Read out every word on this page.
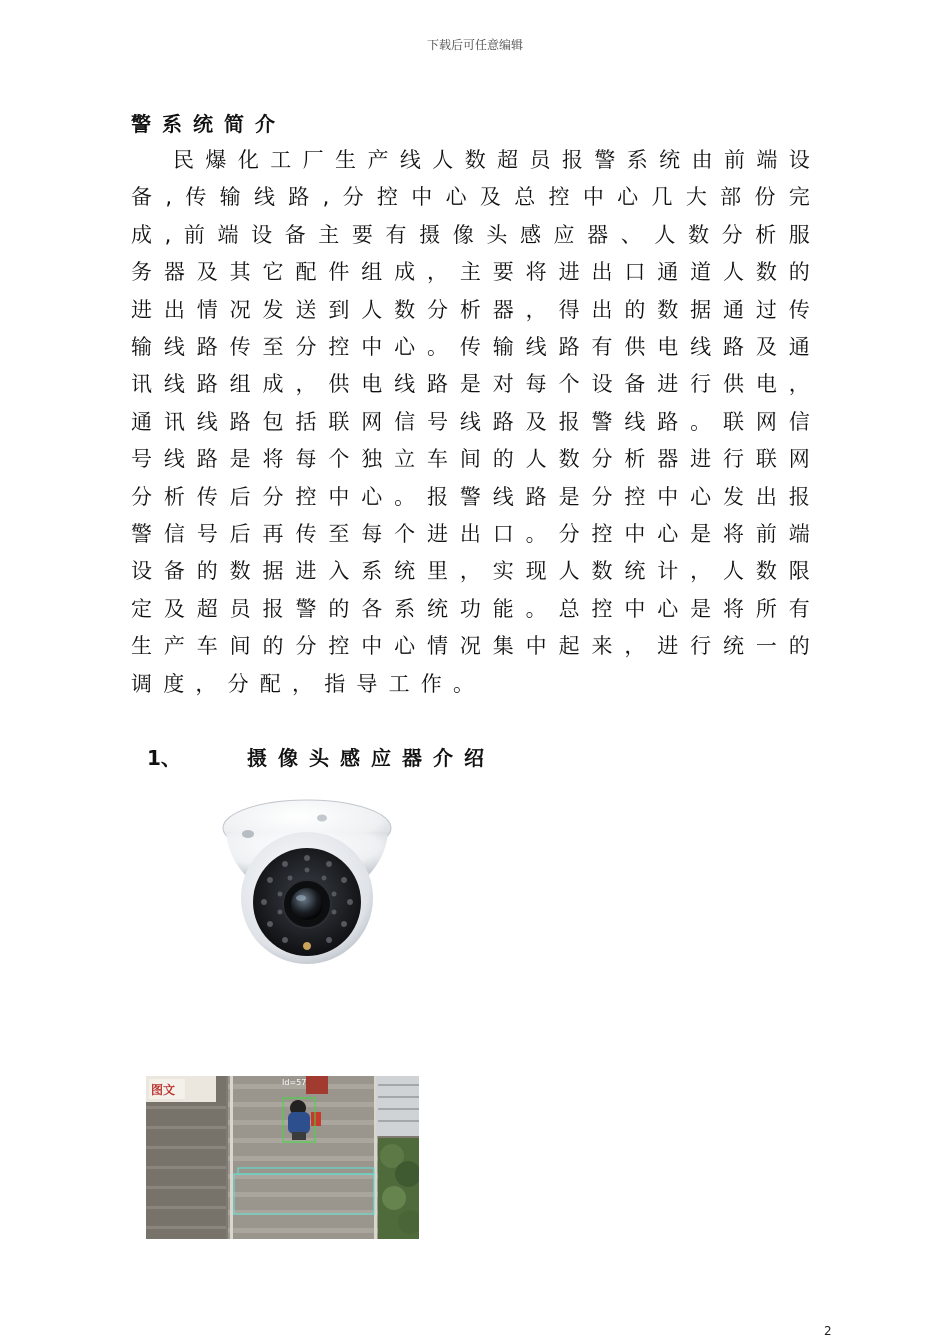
下载后可任意编辑
警系统简介

民爆化工厂生产线人数超员报警系统由前端设备,传输线路,分控中心及总控中心几大部份完成,前端设备主要有摄像头感应器、人数分析服务器及其它配件组成，主要将进出口通道人数的进出情况发送到人数分析器，得出的数据通过传输线路传至分控中心。传输线路有供电线路及通讯线路组成，供电线路是对每个设备进行供电，通讯线路包括联网信号线路及报警线路。联网信号线路是将每个独立车间的人数分析器进行联网分析传后分控中心。报警线路是分控中心发出报警信号后再传至每个进出口。分控中心是将前端设备的数据进入系统里，实现人数统计，人数限定及超员报警的各系统功能。总控中心是将所有生产车间的分控中心情况集中起来，进行统一的调度，分配，指导工作。

1、	摄像头感应器介绍
图文
Id=57
2
